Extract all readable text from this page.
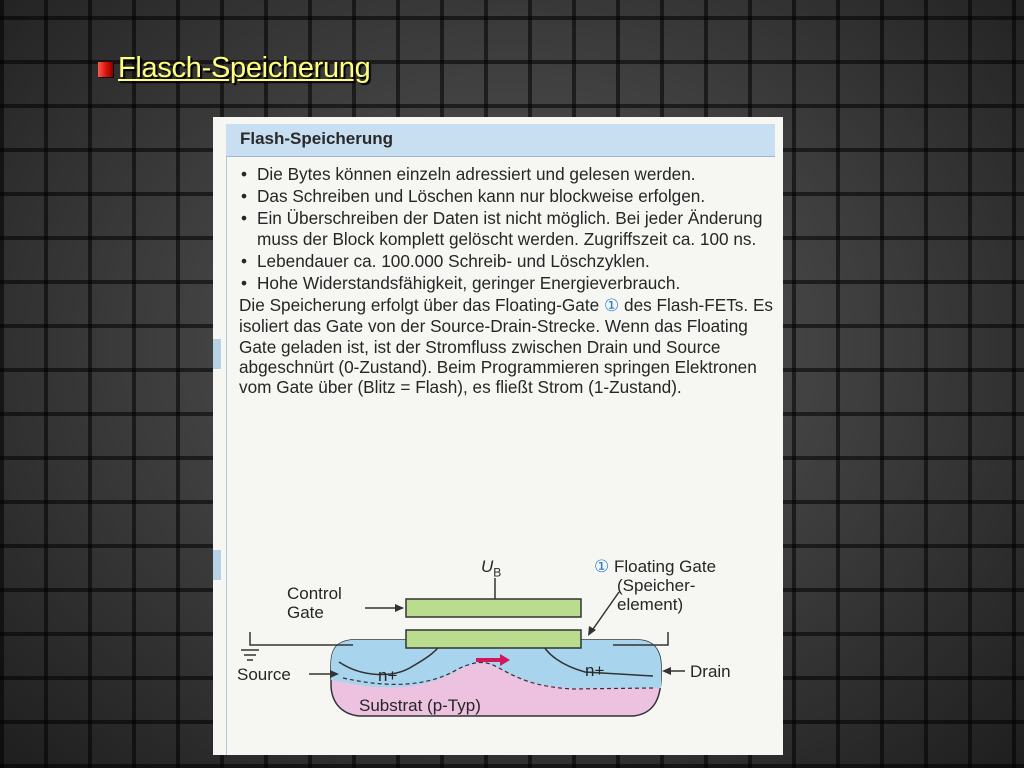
Flasch-Speicherung
Flash-Speicherung
• Die Bytes können einzeln adressiert und gelesen werden.
• Das Schreiben und Löschen kann nur blockweise erfolgen.
• Ein Überschreiben der Daten ist nicht möglich. Bei jeder Änderung muss der Block komplett gelöscht werden. Zugriffszeit ca. 100 ns.
• Lebendauer ca. 100.000 Schreib- und Löschzyklen.
• Hohe Widerstandsfähigkeit, geringer Energieverbrauch.
Die Speicherung erfolgt über das Floating-Gate ① des Flash-FETs. Es isoliert das Gate von der Source-Drain-Strecke. Wenn das Floating Gate geladen ist, ist der Stromfluss zwischen Drain und Source abgeschnürt (0-Zustand). Beim Programmieren springen Elektronen vom Gate über (Blitz = Flash), es fließt Strom (1-Zustand).
$U_B$
Control
Gate
① Floating Gate
(Speicher-
element)
Source	Drain
n+	n+
Substrat (p-Typ)
